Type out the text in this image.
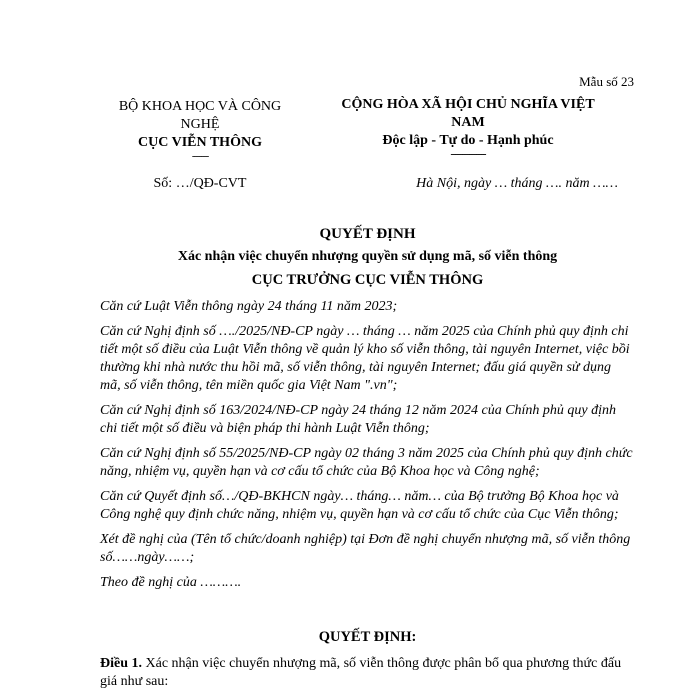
Mẫu số 23
BỘ KHOA HỌC VÀ CÔNG
NGHỆ
CỤC VIỄN THÔNG
-------
CỘNG HÒA XÃ HỘI CHỦ NGHĨA VIỆT
NAM
Độc lập - Tự do - Hạnh phúc
---------------
Số: …/QĐ-CVT	Hà Nội, ngày … tháng …. năm ……
QUYẾT ĐỊNH
Xác nhận việc chuyển nhượng quyền sử dụng mã, số viễn thông
CỤC TRƯỞNG CỤC VIỄN THÔNG

Căn cứ Luật Viễn thông ngày 24 tháng 11 năm 2023;

Căn cứ Nghị định số …./2025/NĐ-CP ngày … tháng … năm 2025 của Chính phủ quy định chi tiết một số điều của Luật Viễn thông về quản lý kho số viễn thông, tài nguyên Internet, việc bồi thường khi nhà nước thu hồi mã, số viễn thông, tài nguyên Internet; đấu giá quyền sử dụng mã, số viễn thông, tên miền quốc gia Việt Nam ".vn";

Căn cứ Nghị định số 163/2024/NĐ-CP ngày 24 tháng 12 năm 2024 của Chính phủ quy định chi tiết một số điều và biện pháp thi hành Luật Viễn thông;

Căn cứ Nghị định số 55/2025/NĐ-CP ngày 02 tháng 3 năm 2025 của Chính phủ quy định chức năng, nhiệm vụ, quyền hạn và cơ cấu tổ chức của Bộ Khoa học và Công nghệ;

Căn cứ Quyết định số…/QĐ-BKHCN ngày… tháng… năm… của Bộ trưởng Bộ Khoa học và Công nghệ quy định chức năng, nhiệm vụ, quyền hạn và cơ cấu tổ chức của Cục Viễn thông;

Xét đề nghị của (Tên tổ chức/doanh nghiệp) tại Đơn đề nghị chuyển nhượng mã, số viễn thông số……ngày……;

Theo đề nghị của ……….

QUYẾT ĐỊNH:
Điều 1. Xác nhận việc chuyển nhượng mã, số viễn thông được phân bổ qua phương thức đấu giá như sau:
